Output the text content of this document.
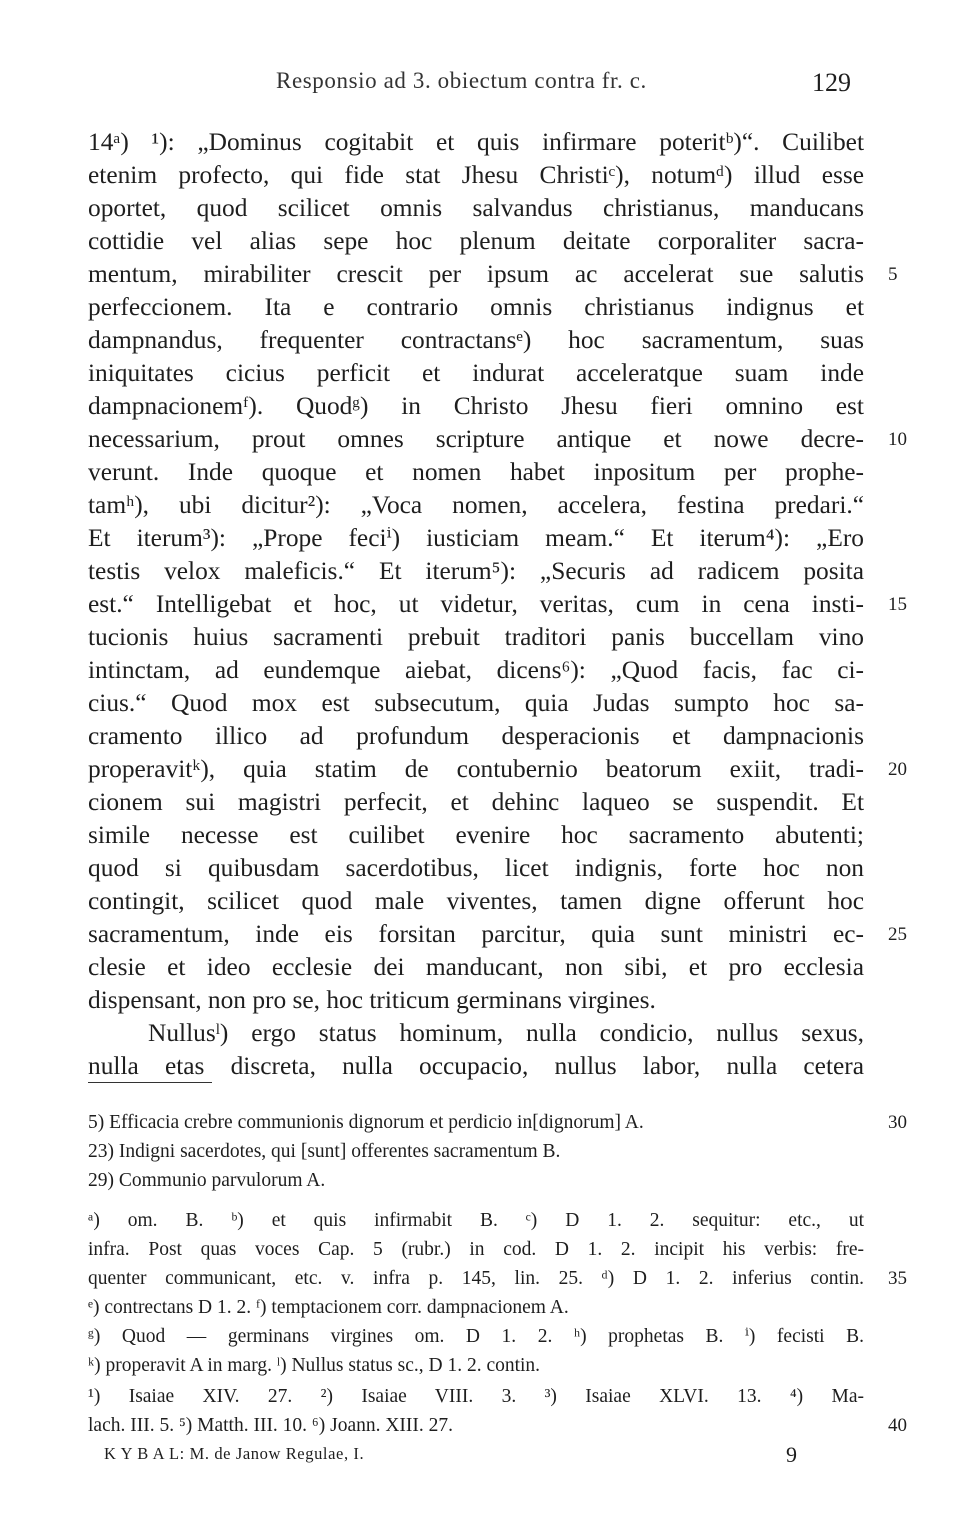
Responsio ad 3. obiectum contra fr. c.	129
14ᵃ) ¹): „Dominus cogitabit et quis infirmare poteritᵇ)“. Cuilibet
etenim profecto, qui fide stat Jhesu Christiᶜ), notumᵈ) illud esse
oportet, quod scilicet omnis salvandus christianus, manducans
cottidie vel alias sepe hoc plenum deitate corporaliter sacra-
mentum, mirabiliter crescit per ipsum ac accelerat sue salutis 5
perfeccionem. Ita e contrario omnis christianus indignus et
dampnandus, frequenter contractansᵉ) hoc sacramentum, suas
iniquitates cicius perficit et indurat acceleratque suam inde
dampnacionemᶠ). Quodᵍ) in Christo Jhesu fieri omnino est
necessarium, prout omnes scripture antique et nowe decre- 10
verunt. Inde quoque et nomen habet inpositum per prophe-
tamʰ), ubi dicitur²): „Voca nomen, accelera, festina predari.“
Et iterum³): „Prope feciⁱ) iusticiam meam.“ Et iterum⁴): „Ero
testis velox maleficis.“ Et iterum⁵): „Securis ad radicem posita
est.“ Intelligebat et hoc, ut videtur, veritas, cum in cena insti- 15
tucionis huius sacramenti prebuit traditori panis buccellam vino
intinctam, ad eundemque aiebat, dicens⁶): „Quod facis, fac ci-
cius.“ Quod mox est subsecutum, quia Judas sumpto hoc sa-
cramento illico ad profundum desperacionis et dampnacionis
properavitᵏ), quia statim de contubernio beatorum exiit, tradi- 20
cionem sui magistri perfecit, et dehinc laqueo se suspendit. Et
simile necesse est cuilibet evenire hoc sacramento abutenti;
quod si quibusdam sacerdotibus, licet indignis, forte hoc non
contingit, scilicet quod male viventes, tamen digne offerunt hoc
sacramentum, inde eis forsitan parcitur, quia sunt ministri ec- 25
clesie et ideo ecclesie dei manducant, non sibi, et pro ecclesia
dispensant, non pro se, hoc triticum germinans virgines.
Nullusˡ) ergo status hominum, nulla condicio, nullus sexus,
nulla etas discreta, nulla occupacio, nullus labor, nulla cetera
5) Efficacia crebre communionis dignorum et perdicio in[dignorum] A.	30
23) Indigni sacerdotes, qui [sunt] offerentes sacramentum B.
29) Communio parvulorum A.
ᵃ) om. B. ᵇ) et quis infirmabit B. ᶜ) D 1. 2. sequitur: etc., ut
infra. Post quas voces Cap. 5 (rubr.) in cod. D 1. 2. incipit his verbis: fre-
quenter communicant, etc. v. infra p. 145, lin. 25. ᵈ) D 1. 2. inferius contin. 35
ᵉ) contrectans D 1. 2. ᶠ) temptacionem corr. dampnacionem A.
ᵍ) Quod — germinans virgines om. D 1. 2. ʰ) prophetas B. ⁱ) fecisti B.
ᵏ) properavit A in marg. ˡ) Nullus status sc., D 1. 2. contin.
¹) Isaiae XIV. 27. ²) Isaiae VIII. 3. ³) Isaiae XLVI. 13. ⁴) Ma-
lach. III. 5. ⁵) Matth. III. 10. ⁶) Joann. XIII. 27.	40
K Y B A L: M. de Janow Regulae, I.	9
